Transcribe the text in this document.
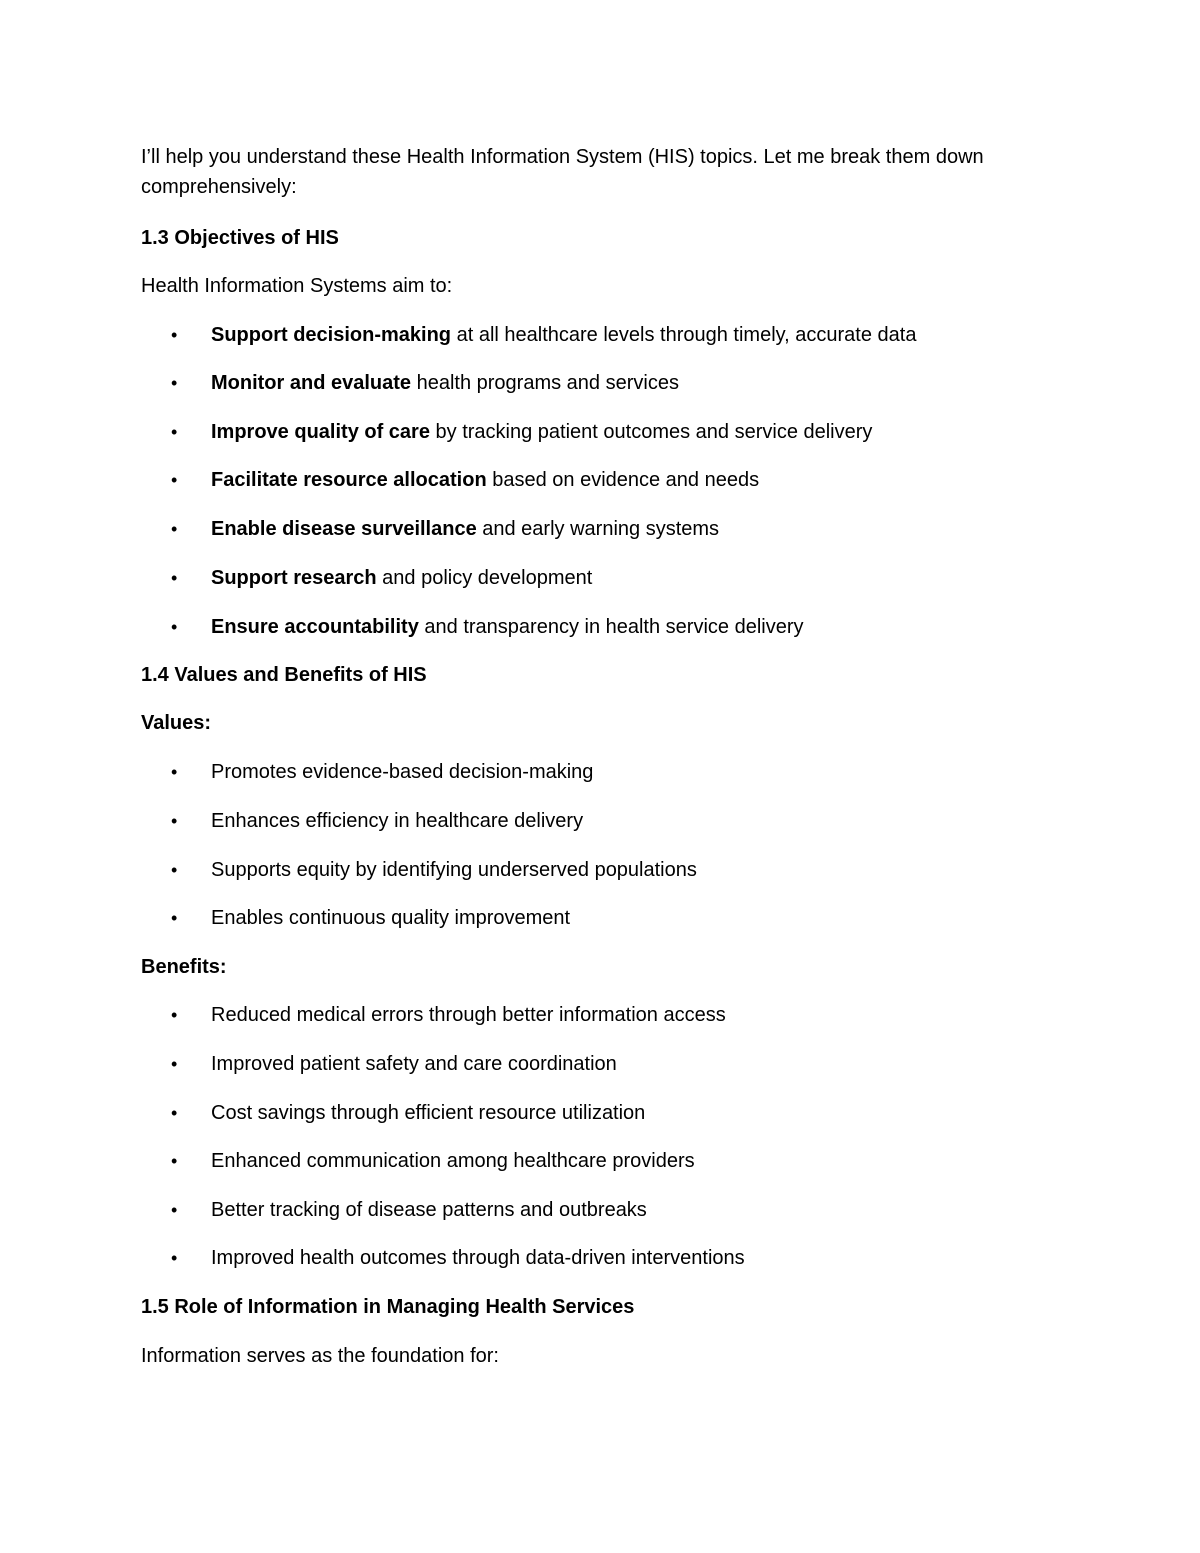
I’ll help you understand these Health Information System (HIS) topics. Let me break them down comprehensively:

1.3 Objectives of HIS
Health Information Systems aim to:
•	Support decision-making at all healthcare levels through timely, accurate data
•	Monitor and evaluate health programs and services
•	Improve quality of care by tracking patient outcomes and service delivery
•	Facilitate resource allocation based on evidence and needs
•	Enable disease surveillance and early warning systems
•	Support research and policy development
•	Ensure accountability and transparency in health service delivery
1.4 Values and Benefits of HIS
Values:
•	Promotes evidence-based decision-making
•	Enhances efficiency in healthcare delivery
•	Supports equity by identifying underserved populations
•	Enables continuous quality improvement
Benefits:
•	Reduced medical errors through better information access
•	Improved patient safety and care coordination
•	Cost savings through efficient resource utilization
•	Enhanced communication among healthcare providers
•	Better tracking of disease patterns and outbreaks
•	Improved health outcomes through data-driven interventions
1.5 Role of Information in Managing Health Services
Information serves as the foundation for:
